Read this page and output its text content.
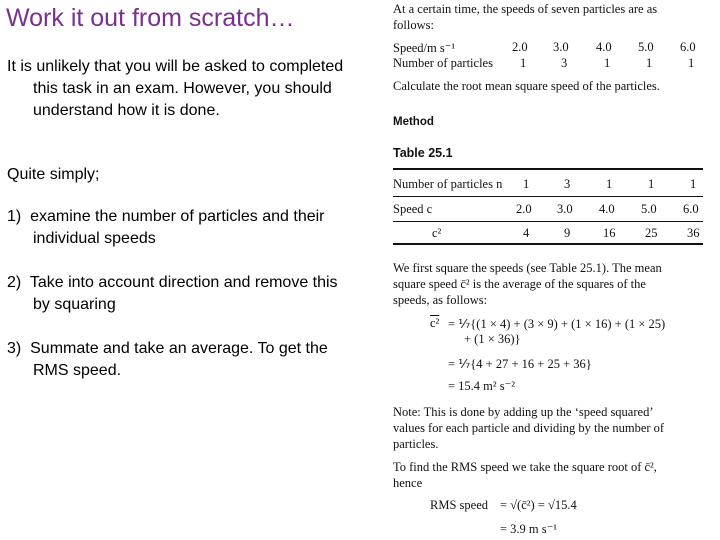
Work it out from scratch…
It is unlikely that you will be asked to completed this task in an exam. However, you should understand how it is done.
Quite simply;
1)  examine the number of particles and their individual speeds
2)  Take into account direction and remove this by squaring
3)  Summate and take an average. To get the RMS speed.
At a certain time, the speeds of seven particles are as
follows:
Speed/m s⁻¹	2.0 3.0 4.0 5.0 6.0
Number of particles 1	3	1	1	1
Calculate the root mean square speed of the particles.
Method
Table 25.1
Number of particles n 1	3	1	1	1
Speed c	2.0 3.0 4.0 5.0 6.0
c²	4	9	16 25 36
We first square the speeds (see Table 25.1). The mean
square speed c̄² is the average of the squares of the
speeds, as follows:
c² = ⅐{(1 × 4) + (3 × 9) + (1 × 16) + (1 × 25)
+ (1 × 36)}
= ⅐{4 + 27 + 16 + 25 + 36}
= 15.4 m² s⁻²
Note: This is done by adding up the ‘speed squared’
values for each particle and dividing by the number of
particles.
To find the RMS speed we take the square root of c̄²,
hence
RMS speed = √(c̄²) = √15.4
= 3.9 m s⁻¹
